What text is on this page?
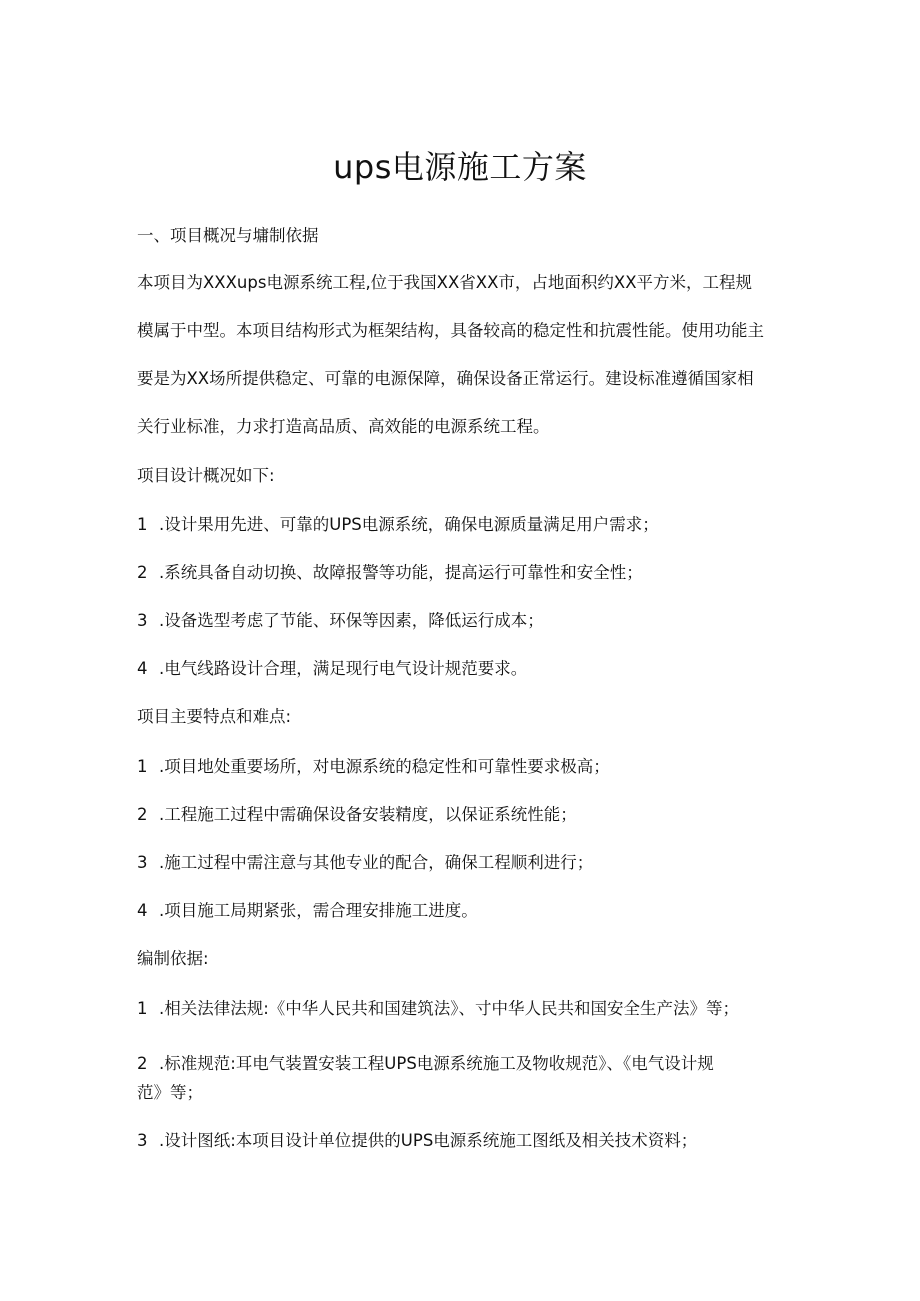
ups电源施工方案

一、项目概况与墉制依据

本项目为XXXups电源系统工程,位于我国XX省XX市，占地面积约XX平方米，工程规

模属于中型。本项目结构形式为框架结构，具备较高的稳定性和抗震性能。使用功能主

要是为XX场所提供稳定、可靠的电源保障，确保设备正常运行。建设标准遵循国家相

关行业标准，力求打造高品质、高效能的电源系统工程。

项目设计概况如下:

1 .设计果用先进、可靠的UPS电源系统，确保电源质量满足用户需求；

2 .系统具备自动切换、故障报警等功能，提高运行可靠性和安全性；

3 .设备选型考虑了节能、环保等因素，降低运行成本；

4 .电气线路设计合理，满足现行电气设计规范要求。

项目主要特点和难点:

1 .项目地处重要场所，对电源系统的稳定性和可靠性要求极高；

2 .工程施工过程中需确保设备安装精度，以保证系统性能；

3 .施工过程中需注意与其他专业的配合，确保工程顺利进行；

4 .项目施工局期紧张，需合理安排施工进度。

编制依据:

1 .相关法律法规:《中华人民共和国建筑法》、寸中华人民共和国安全生产法》等；

2 .标准规范:耳电气装置安装工程UPS电源系统施工及物收规范》、《电气设计规

范》等；

3 .设计图纸:本项目设计单位提供的UPS电源系统施工图纸及相关技术资料；
